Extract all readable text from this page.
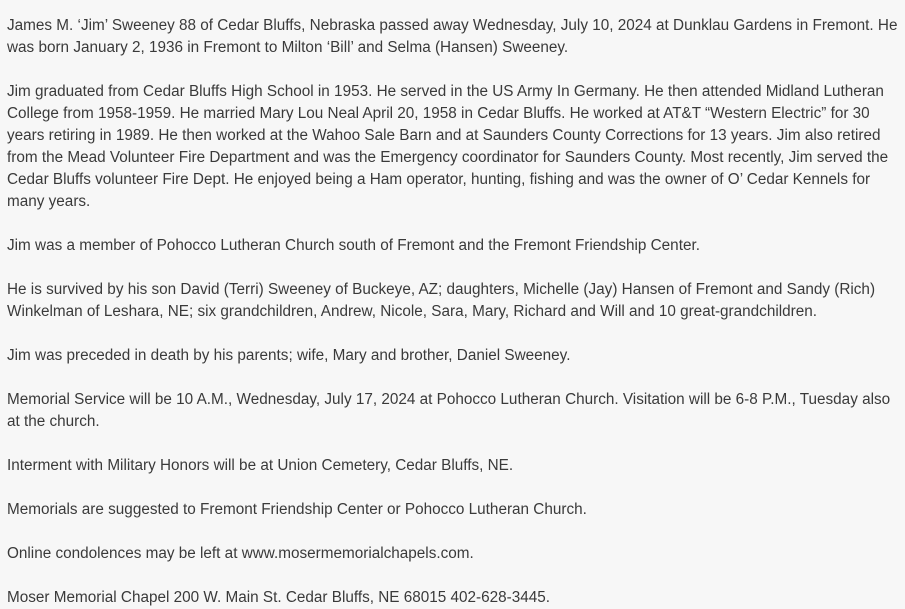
James M. ‘Jim’ Sweeney 88 of Cedar Bluffs, Nebraska passed away Wednesday, July 10, 2024 at Dunklau Gardens in Fremont. He was born January 2, 1936 in Fremont to Milton ‘Bill’ and Selma (Hansen) Sweeney.

Jim graduated from Cedar Bluffs High School in 1953. He served in the US Army In Germany. He then attended Midland Lutheran College from 1958-1959. He married Mary Lou Neal April 20, 1958 in Cedar Bluffs. He worked at AT&T “Western Electric” for 30 years retiring in 1989. He then worked at the Wahoo Sale Barn and at Saunders County Corrections for 13 years. Jim also retired from the Mead Volunteer Fire Department and was the Emergency coordinator for Saunders County. Most recently, Jim served the Cedar Bluffs volunteer Fire Dept. He enjoyed being a Ham operator, hunting, fishing and was the owner of O’ Cedar Kennels for many years.

Jim was a member of Pohocco Lutheran Church south of Fremont and the Fremont Friendship Center.

He is survived by his son David (Terri) Sweeney of Buckeye, AZ; daughters, Michelle (Jay) Hansen of Fremont and Sandy (Rich) Winkelman of Leshara, NE; six grandchildren, Andrew, Nicole, Sara, Mary, Richard and Will and 10 great-grandchildren.

Jim was preceded in death by his parents; wife, Mary and brother, Daniel Sweeney.

Memorial Service will be 10 A.M., Wednesday, July 17, 2024 at Pohocco Lutheran Church. Visitation will be 6-8 P.M., Tuesday also at the church.

Interment with Military Honors will be at Union Cemetery, Cedar Bluffs, NE.

Memorials are suggested to Fremont Friendship Center or Pohocco Lutheran Church.

Online condolences may be left at www.mosermemorialchapels.com.

Moser Memorial Chapel 200 W. Main St. Cedar Bluffs, NE 68015 402-628-3445.
